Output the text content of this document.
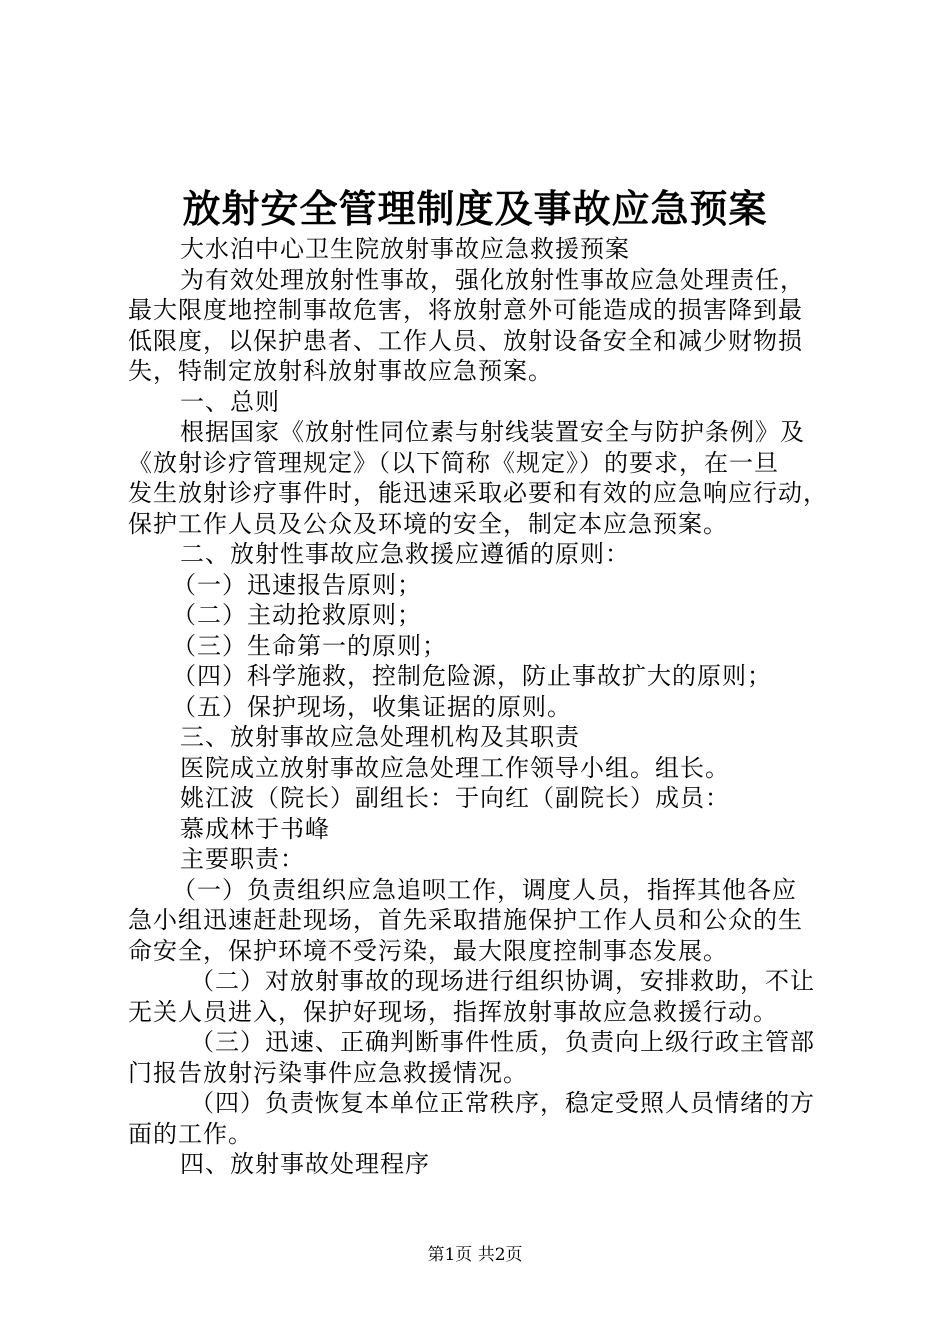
放射安全管理制度及事故应急预案
大水泊中心卫生院放射事故应急救援预案
为有效处理放射性事故，强化放射性事故应急处理责任，
最大限度地控制事故危害，将放射意外可能造成的损害降到最
低限度，以保护患者、工作人员、放射设备安全和减少财物损
失，特制定放射科放射事故应急预案。
一、总则
根据国家《放射性同位素与射线装置安全与防护条例》及
《放射诊疗管理规定》（以下简称《规定》）的要求，在一旦
发生放射诊疗事件时，能迅速采取必要和有效的应急响应行动，
保护工作人员及公众及环境的安全，制定本应急预案。
二、放射性事故应急救援应遵循的原则：
（一）迅速报告原则；
（二）主动抢救原则；
（三）生命第一的原则；
（四）科学施救，控制危险源，防止事故扩大的原则；
（五）保护现场，收集证据的原则。
三、放射事故应急处理机构及其职责
医院成立放射事故应急处理工作领导小组。组长。
姚江波（院长）副组长：于向红（副院长）成员：
慕成林于书峰
主要职责：
（一）负责组织应急追呗工作，调度人员，指挥其他各应
急小组迅速赶赴现场，首先采取措施保护工作人员和公众的生
命安全，保护环境不受污染，最大限度控制事态发展。
（二）对放射事故的现场进行组织协调，安排救助，不让
无关人员进入，保护好现场，指挥放射事故应急救援行动。
（三）迅速、正确判断事件性质，负责向上级行政主管部
门报告放射污染事件应急救援情况。
（四）负责恢复本单位正常秩序，稳定受照人员情绪的方
面的工作。
四、放射事故处理程序
第1页 共2页
